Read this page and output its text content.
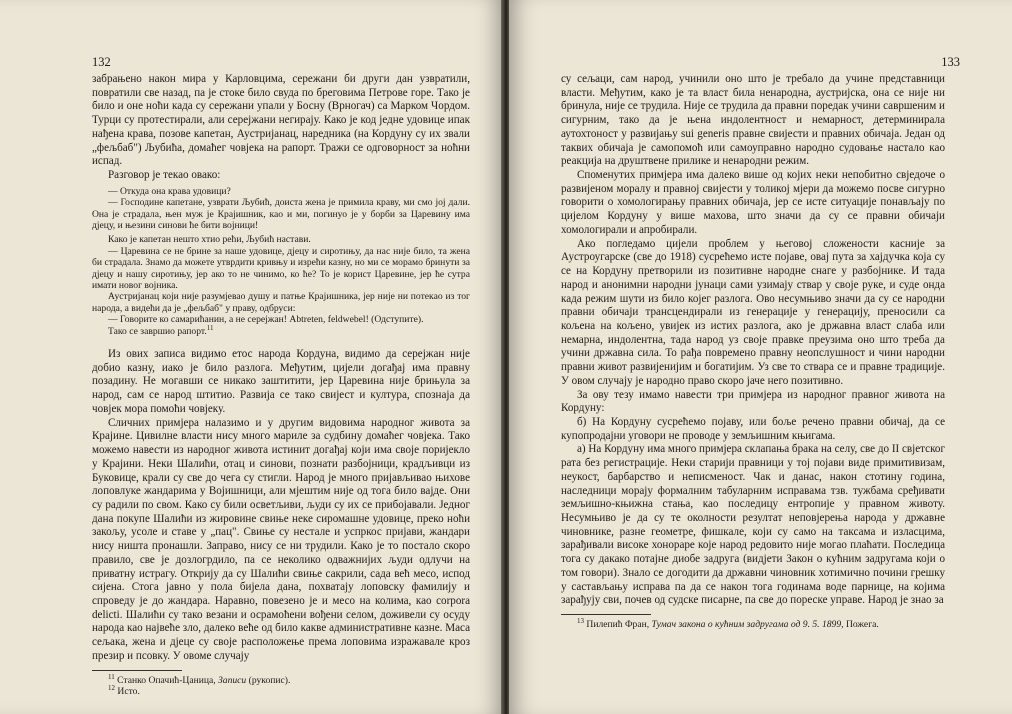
132

забрањено након мира у Карловцима, сережани би други дан узвратили, повратили све назад, па је стоке било свуда по бреговима Петрове горе. Тако је било и оне ноћи када су сережани упали у Босну (Врногач) са Марком Чордом. Турци су протестирали, али серејжани негирају. Како је код једне удовице ипак нађена крава, позове капетан, Аустријанац, наредника (на Кордуну су их звали „фељбаб") Љубића, домаћег човјека на рапорт. Тражи се одговорност за ноћни испад.

Разговор је текао овако:

— Откуда она крава удовици?

— Господине капетане, узврати Љубић, доиста жена је примила краву, ми смо јој дали. Она је страдала, њен муж је Крајишник, као и ми, погинуо је у борби за Царевину има дјецу, и њезини синови ће бити војници!

Како је капетан нешто хтио рећи, Љубић настави.

— Царевина се не брине за наше удовице, дјецу и сиротињу, да нас није било, та жена би страдала. Знамо да можете утврдити кривњу и изрећи казну, но ми се морамо бринути за дјецу и нашу сиротињу, јер ако то не чинимо, ко ће? То је корист Царевине, јер ће сутра имати новог војника.

Аустријанац који није разумјевао душу и патње Крајишника, јер није ни потекао из тог народа, а видећи да је „фељбаб" у праву, одбруси:

— Говорите ко самарићанин, а не серејжан! Abtreten, feldwebel! (Одступите).

Тако се завршио рапорт.$^{11}$

Из ових записа видимо етос народа Кордуна, видимо да серејжан није добио казну, иако је било разлога. Међутим, цијели догађај има правну позадину. Не могавши се никако заштитити, јер Царевина није брињула за народ, сам се народ штитио. Развија се тако свијест и култура, спознаја да човјек мора помоћи човјеку.

Сличних примјера налазимо и у другим видовима народног живота за Крајине. Цивилне власти нису много мариле за судбину домаћег човјека. Тако можемо навести из народног живота истинит догађај који има своје поријекло у Крајини. Неки Шалићи, отац и синови, познати разбојници, крадљивци из Буковице, крали су све до чега су стигли. Народ је много пријављивао њихове лоповлуке жандарима у Војишници, али мјештим није од тога било ваjде. Они су радили по свом. Како су били осветљиви, људи су их се прибојавали. Једног дана покупе Шалићи из жировине свиње неке сиромашне удовице, преко ноћи закољу, усоле и ставе у „пац". Свиње су нестале и успркос пријави, жандари нису ништа пронашли. Заправо, нису се ни трудили. Како је то постало скоро правило, све је дозлогрдило, па се неколико одважнијих људи одлучи на приватну истрагу. Открију да су Шалићи свиње сакрили, сада већ месо, испод сијена. Стога јавно у пола бијела дана, похватају лоповску фамилију и спроведу је до жандара. Наравно, повезено је и месо на колима, као corpora delicti. Шалићи су тако везани и осрамоћени вођени селом, доживели су осуду народа као највеће зло, далеко веће од било какве административне казне. Маса сељака, жена и дјеце су своје расположење према лоповима изражавале кроз презир и псовку. У овоме случају

$^{11}$ Станко Опачић-Цаница, Записи (рукопис).
$^{12}$ Исто.
133

су сељаци, сам народ, учинили оно што је требало да учине представници власти. Међутим, како је та власт била ненародна, аустријска, она се није ни бринула, није се трудила. Није се трудила да правни поредак учини савршеним и сигурним, тако да је њена индолентност и немарност, детерминирала аутохтоност у развијању sui generis правне свијести и правних обичаја. Један од таквих обичаја је самопомоћ или самоуправно народно судовање настало као реакција на друштвене прилике и ненародни режим.

Споменутих примјера има далеко више од којих неки непобитно свједоче о развијеном моралу и правној свијести у толикој мјери да можемо посве сигурно говорити о хомологирању правних обичаја, јер се исте ситуације понављају по цијелом Кордуну у више махова, што значи да су се правни обичаји хомологирали и апробирали.

Ако погледамо цијели проблем у његовој сложености касније за Аустроугарске (све до 1918) сусрећемо исте појаве, овај пута за хајдучка која су се на Кордуну претворили из позитивне народне снаге у разбојнике. И тада народ и анонимни народни јунаци сами узимају ствар у своје руке, и суде онда када режим шути из било којег разлога. Ово несумњиво значи да су се народни правни обичаји трансцендирали из генерације у генерацију, преносили са кољена на кољено, увијек из истих разлога, ако је државна власт слаба или немарна, индолентна, тада народ уз своје правке преузима оно што треба да учини државна сила. То рађа повремено правну неопслушност и чини народни правни живот развијенијим и богатијим. Уз све то ствара се и правне традиције. У овом случају је народно право скоро јаче него позитивно.

За ову тезу имамо навести три примјера из народног правног живота на Кордуну:

б) На Кордуну сусрећемо појаву, или боље речено правни обичај, да се купопродајни уговори не проводе у земљишним књигама.

а) На Кордуну има много примјера склапања брака на селу, све до II свјетског рата без регистрације. Неки старији правници у тој појави виде примитивизам, неукост, барбарство и неписменост. Чак и данас, након стотину година, наследници морају формалним табуларним исправама тзв. тужбама сређивати земљишно-књижна стања, као последицу ентропије у правном животу. Несумњиво је да су те околности резултат неповјерења народа у државне чиновнике, разне геометре, фишкале, који су само на таксама и изласцима, зарађивали високе хонораре које народ редовито није могао плаћати. Последица тога су дакако потајне диобе задруга (видјети Закон о кућним задругама који о том говори). Знало се догодити да државни чиновник хотимично почини грешку у састављању исправа па да се након тога годинама воде парнице, на којима зарађују сви, почев од судске писарне, па све до пореске управе. Народ је знао за

$^{13}$ Пилепић Фран, Тумач закона о кућним задругама од 9. 5. 1899, Пожега.
